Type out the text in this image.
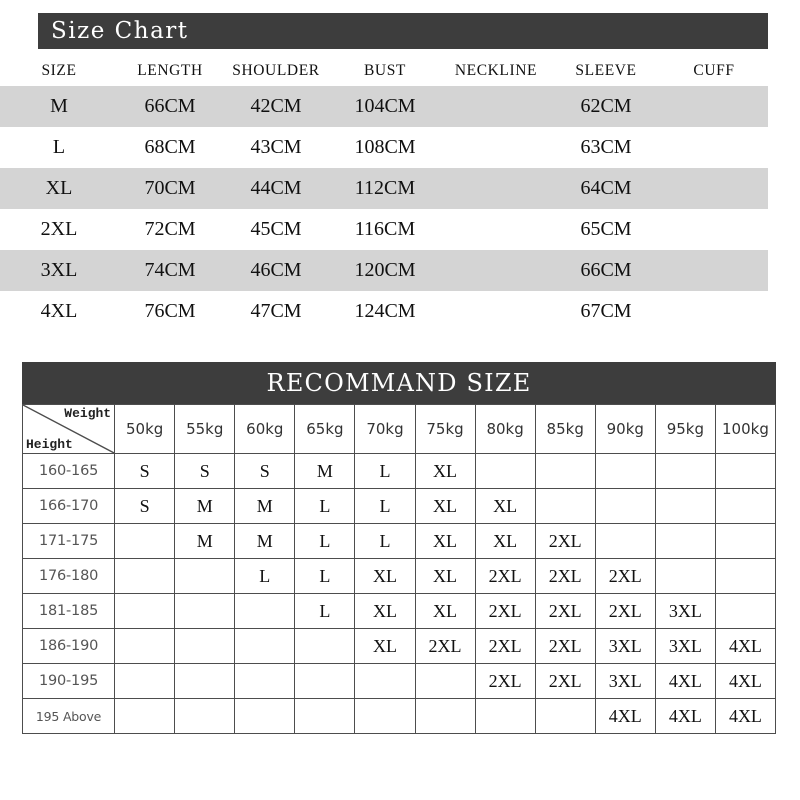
Size Chart
SIZE	LENGTH	SHOULDER	BUST	NECKLINE	SLEEVE	CUFF	
M	66CM	42CM	104CM		62CM		
L	68CM	43CM	108CM		63CM		
XL	70CM	44CM	112CM		64CM		
2XL	72CM	45CM	116CM		65CM		
3XL	74CM	46CM	120CM		66CM		
4XL	76CM	47CM	124CM		67CM		
RECOMMAND SIZE
Weight
Height	50kg	55kg	60kg	65kg	70kg	75kg	80kg	85kg	90kg	95kg	100kg
160-165	S	S	S	M	L	XL					
166-170	S	M	M	L	L	XL	XL				
171-175		M	M	L	L	XL	XL	2XL			
176-180			L	L	XL	XL	2XL	2XL	2XL		
181-185				L	XL	XL	2XL	2XL	2XL	3XL	
186-190					XL	2XL	2XL	2XL	3XL	3XL	4XL
190-195							2XL	2XL	3XL	4XL	4XL
195 Above									4XL	4XL	4XL
